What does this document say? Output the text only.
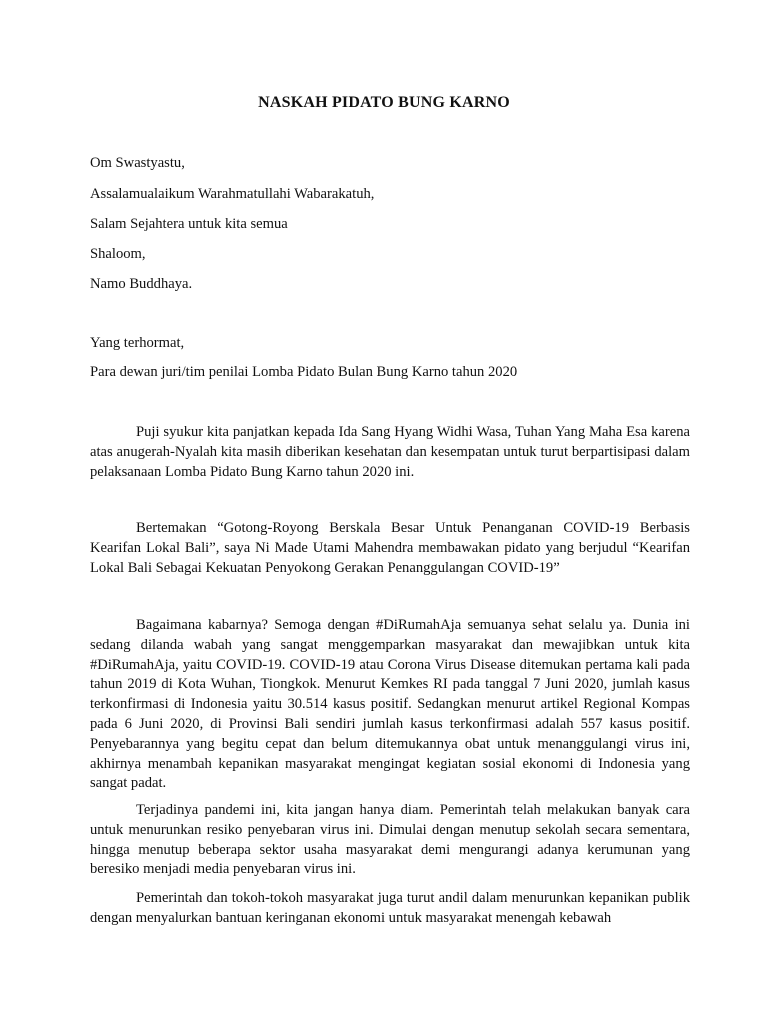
NASKAH PIDATO BUNG KARNO
Om Swastyastu,
Assalamualaikum Warahmatullahi Wabarakatuh,
Salam Sejahtera untuk kita semua
Shaloom,
Namo Buddhaya.
Yang terhormat,
Para dewan juri/tim penilai Lomba Pidato Bulan Bung Karno tahun 2020
Puji syukur kita panjatkan kepada Ida Sang Hyang Widhi Wasa, Tuhan Yang Maha Esa karena atas anugerah-Nyalah kita masih diberikan kesehatan dan kesempatan untuk turut berpartisipasi dalam pelaksanaan Lomba Pidato Bung Karno tahun 2020 ini.
Bertemakan “Gotong-Royong Berskala Besar Untuk Penanganan COVID-19 Berbasis Kearifan Lokal Bali”, saya Ni Made Utami Mahendra membawakan pidato yang berjudul “Kearifan Lokal Bali Sebagai Kekuatan Penyokong Gerakan Penanggulangan COVID-19”
Bagaimana kabarnya? Semoga dengan #DiRumahAja semuanya sehat selalu ya. Dunia ini sedang dilanda wabah yang sangat menggemparkan masyarakat dan mewajibkan untuk kita #DiRumahAja, yaitu COVID-19. COVID-19 atau Corona Virus Disease ditemukan pertama kali pada tahun 2019 di Kota Wuhan, Tiongkok. Menurut Kemkes RI pada tanggal 7 Juni 2020, jumlah kasus terkonfirmasi di Indonesia yaitu 30.514 kasus positif. Sedangkan menurut artikel Regional Kompas pada 6 Juni 2020, di Provinsi Bali sendiri jumlah kasus terkonfirmasi adalah 557 kasus positif. Penyebarannya yang begitu cepat dan belum ditemukannya obat untuk menanggulangi virus ini, akhirnya menambah kepanikan masyarakat mengingat kegiatan sosial ekonomi di Indonesia yang sangat padat.
Terjadinya pandemi ini, kita jangan hanya diam. Pemerintah telah melakukan banyak cara untuk menurunkan resiko penyebaran virus ini. Dimulai dengan menutup sekolah secara sementara, hingga menutup beberapa sektor usaha masyarakat demi mengurangi adanya kerumunan yang beresiko menjadi media penyebaran virus ini.
Pemerintah dan tokoh-tokoh masyarakat juga turut andil dalam menurunkan kepanikan publik dengan menyalurkan bantuan keringanan ekonomi untuk masyarakat menengah kebawah
